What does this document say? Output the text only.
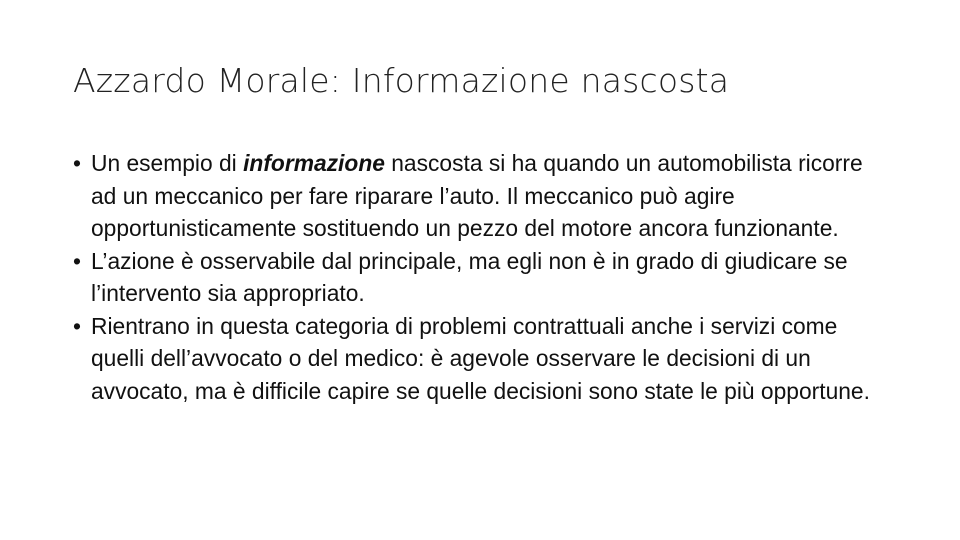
Azzardo Morale: Informazione nascosta
• Un esempio di informazione nascosta si ha quando un automobilista ricorre ad un meccanico per fare riparare l’auto. Il meccanico può agire opportunisticamente sostituendo un pezzo del motore ancora funzionante.
• L’azione è osservabile dal principale, ma egli non è in grado di giudicare se l’intervento sia appropriato.
• Rientrano in questa categoria di problemi contrattuali anche i servizi come quelli dell’avvocato o del medico: è agevole osservare le decisioni di un avvocato, ma è difficile capire se quelle decisioni sono state le più opportune.
